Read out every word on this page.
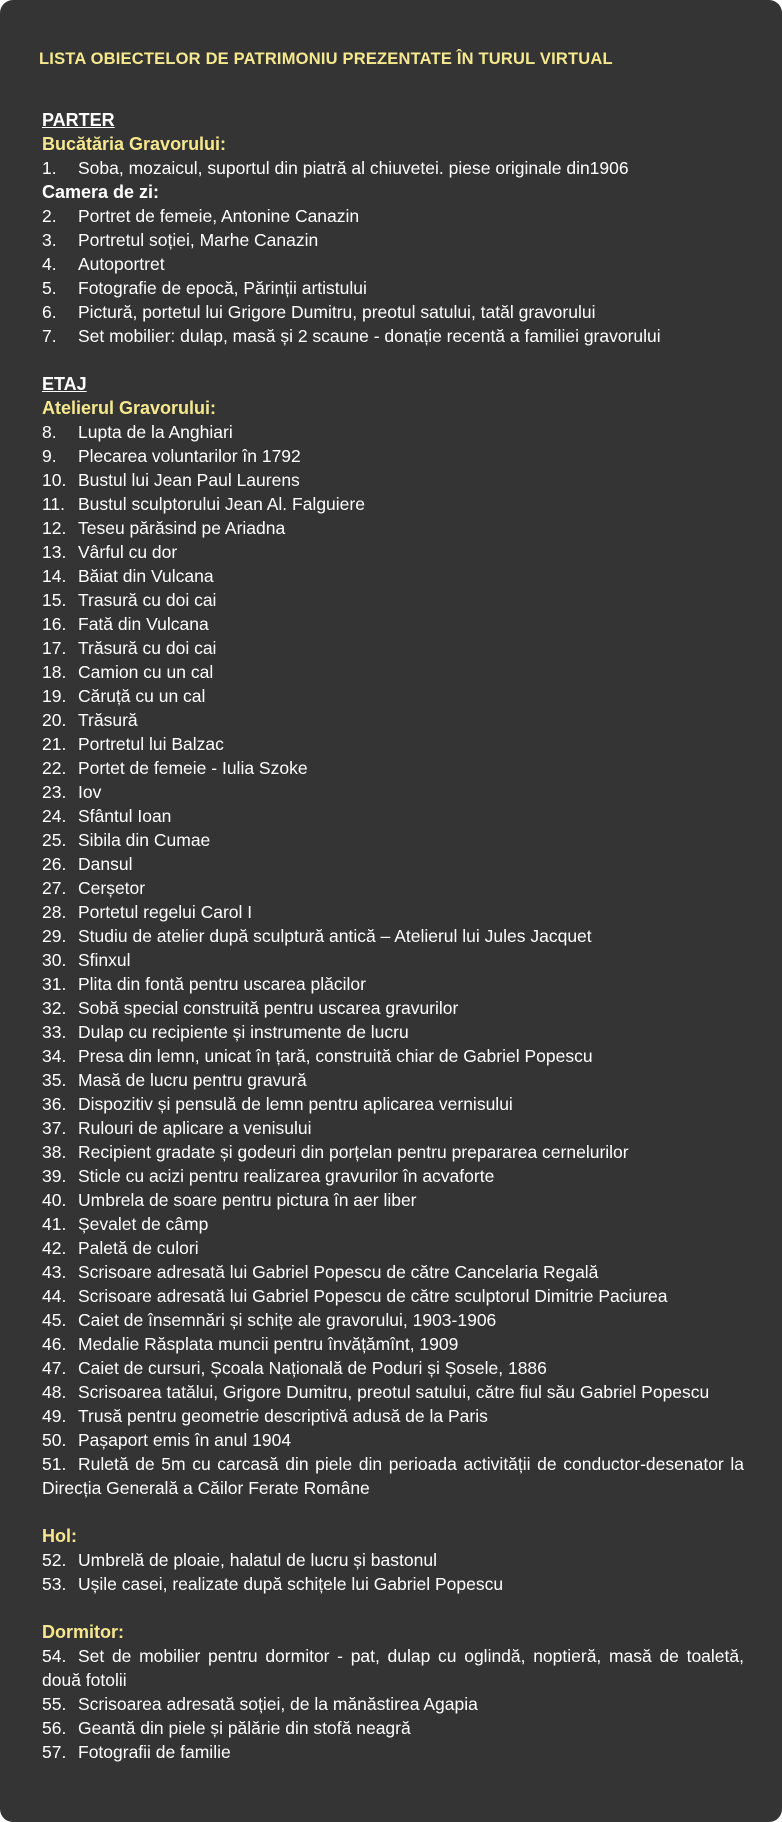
LISTA OBIECTELOR DE PATRIMONIU PREZENTATE ÎN TURUL VIRTUAL
PARTER
Bucătăria Gravorului:
1. Soba, mozaicul, suportul din piatră al chiuvetei. piese originale din1906
Camera de zi:
2. Portret de femeie, Antonine Canazin
3. Portretul soției, Marhe Canazin
4. Autoportret
5. Fotografie de epocă, Părinții artistului
6. Pictură, portetul lui Grigore Dumitru, preotul satului, tatăl gravorului
7. Set mobilier: dulap, masă și 2 scaune - donație recentă a familiei gravorului
ETAJ
Atelierul Gravorului:
8. Lupta de la Anghiari
9. Plecarea voluntarilor în 1792
10. Bustul lui Jean Paul Laurens
11. Bustul sculptorului Jean Al. Falguiere
12. Teseu părăsind pe Ariadna
13. Vârful cu dor
14. Băiat din Vulcana
15. Trasură cu doi cai
16. Fată din Vulcana
17. Trăsură cu doi cai
18. Camion cu un cal
19. Căruță cu un cal
20. Trăsură
21. Portretul lui Balzac
22. Portet de femeie - Iulia Szoke
23. Iov
24. Sfântul Ioan
25. Sibila din Cumae
26. Dansul
27. Cerșetor
28. Portetul regelui Carol I
29. Studiu de atelier după sculptură antică – Atelierul lui Jules Jacquet
30. Sfinxul
31. Plita din fontă pentru uscarea plăcilor
32. Sobă special construită pentru uscarea gravurilor
33. Dulap cu recipiente și instrumente de lucru
34. Presa din lemn, unicat în țară, construită chiar de Gabriel Popescu
35. Masă de lucru pentru gravură
36. Dispozitiv și pensulă de lemn pentru aplicarea vernisului
37. Rulouri de aplicare a venisului
38. Recipient gradate și godeuri din porțelan pentru prepararea cernelurilor
39. Sticle cu acizi pentru realizarea gravurilor în acvaforte
40. Umbrela de soare pentru pictura în aer liber
41. Șevalet de câmp
42. Paletă de culori
43. Scrisoare adresată lui Gabriel Popescu de către Cancelaria Regală
44. Scrisoare adresată lui Gabriel Popescu de către sculptorul Dimitrie Paciurea
45. Caiet de însemnări și schițe ale gravorului, 1903-1906
46. Medalie Răsplata muncii pentru învățămînt, 1909
47. Caiet de cursuri, Școala Națională de Poduri și Șosele, 1886
48. Scrisoarea tatălui, Grigore Dumitru, preotul satului, către fiul său Gabriel Popescu
49. Trusă pentru geometrie descriptivă adusă de la Paris
50. Pașaport emis în anul 1904
51. Ruletă de 5m cu carcasă din piele din perioada activității de conductor-desenator la Direcția Generală a Căilor Ferate Române
Hol:
52. Umbrelă de ploaie, halatul de lucru și bastonul
53. Ușile casei, realizate după schițele lui Gabriel Popescu
Dormitor:
54. Set de mobilier pentru dormitor - pat, dulap cu oglindă, noptieră, masă de toaletă, două fotolii
55. Scrisoarea adresată soției, de la mănăstirea Agapia
56. Geantă din piele și pălărie din stofă neagră
57. Fotografii de familie
